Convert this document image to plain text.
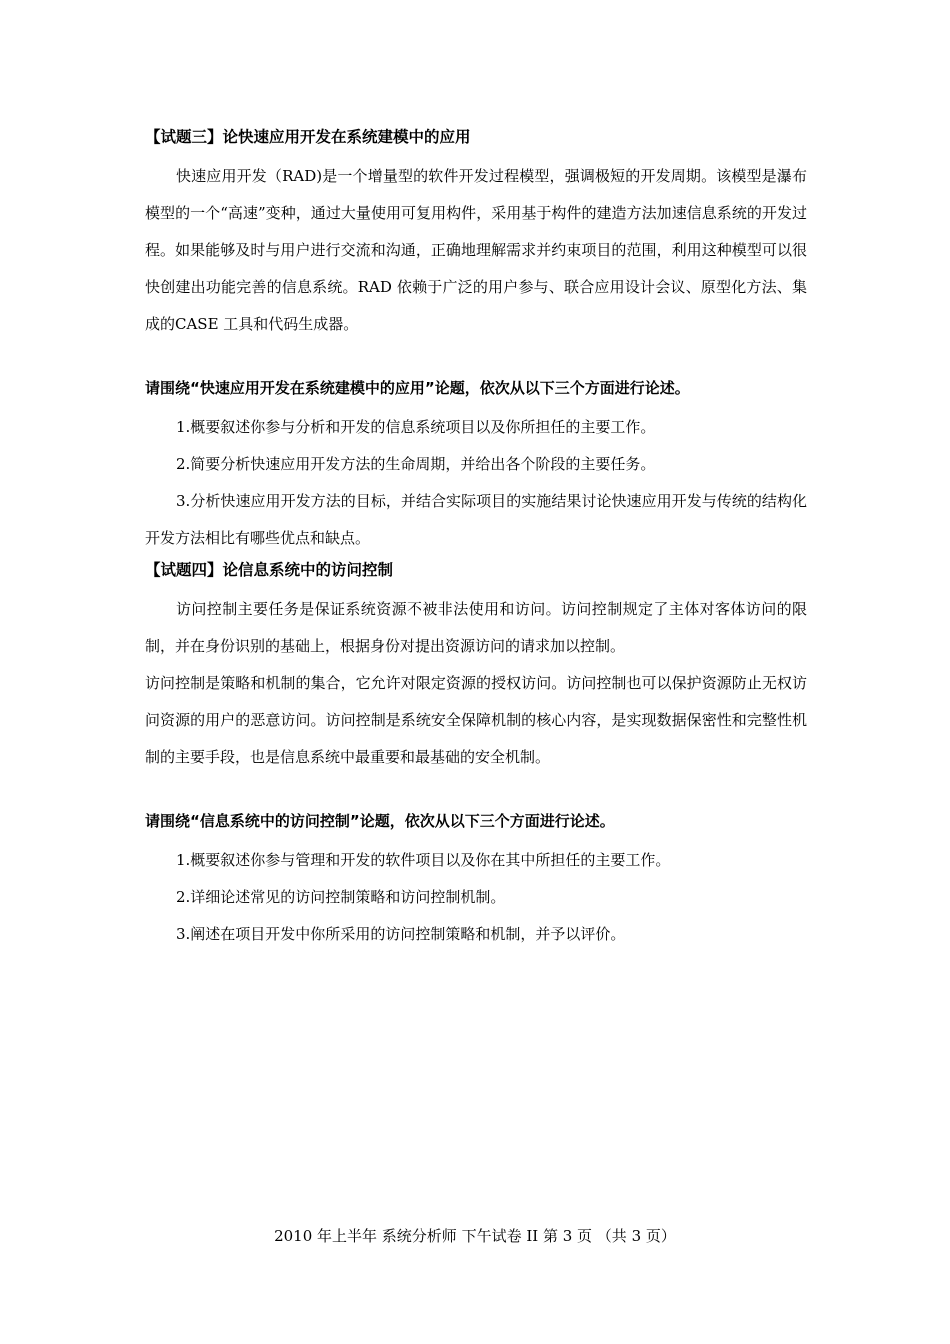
【试题三】论快速应用开发在系统建模中的应用

快速应用开发（RAD)是一个增量型的软件开发过程模型，强调极短的开发周期。该模型是瀑布模型的一个“高速”变种，通过大量使用可复用构件，采用基于构件的建造方法加速信息系统的开发过程。如果能够及时与用户进行交流和沟通，正确地理解需求并约束项目的范围，利用这种模型可以很快创建出功能完善的信息系统。RAD 依赖于广泛的用户参与、联合应用设计会议、原型化方法、集成的CASE 工具和代码生成器。

请围绕“快速应用开发在系统建模中的应用”论题，依次从以下三个方面进行论述。

1.概要叙述你参与分析和开发的信息系统项目以及你所担任的主要工作。

2.简要分析快速应用开发方法的生命周期，并给出各个阶段的主要任务。

3.分析快速应用开发方法的目标，并结合实际项目的实施结果讨论快速应用开发与传统的结构化开发方法相比有哪些优点和缺点。

【试题四】论信息系统中的访问控制

访问控制主要任务是保证系统资源不被非法使用和访问。访问控制规定了主体对客体访问的限制，并在身份识别的基础上，根据身份对提出资源访问的请求加以控制。

访问控制是策略和机制的集合，它允许对限定资源的授权访问。访问控制也可以保护资源防止无权访问资源的用户的恶意访问。访问控制是系统安全保障机制的核心内容，是实现数据保密性和完整性机制的主要手段，也是信息系统中最重要和最基础的安全机制。

请围绕“信息系统中的访问控制”论题，依次从以下三个方面进行论述。

1.概要叙述你参与管理和开发的软件项目以及你在其中所担任的主要工作。

2.详细论述常见的访问控制策略和访问控制机制。

3.阐述在项目开发中你所采用的访问控制策略和机制，并予以评价。

2010 年上半年 系统分析师 下午试卷 II 第 3 页 （共 3 页）
